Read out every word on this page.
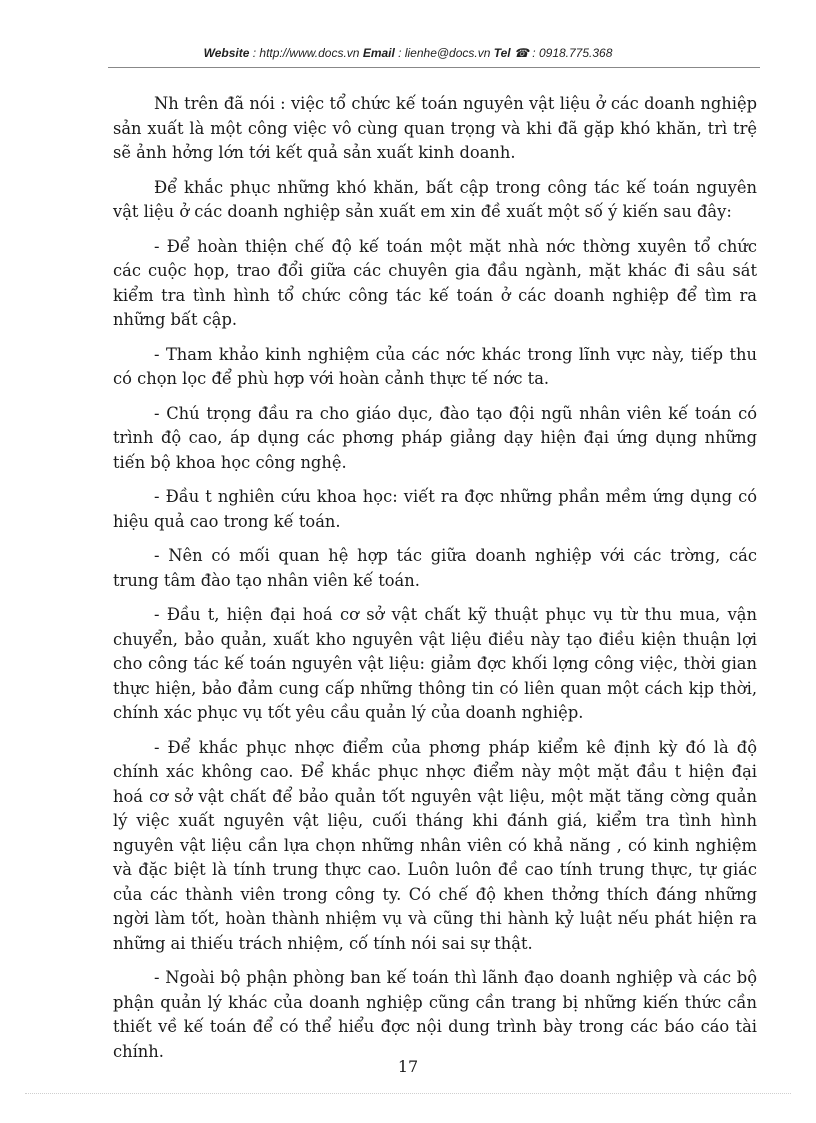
Website : http://www.docs.vn Email : lienhe@docs.vn Tel ☎ : 0918.775.368

Nh trên đã nói : việc tổ chức kế toán nguyên vật liệu ở các doanh nghiệp sản xuất là một công việc vô cùng quan trọng và khi đã gặp khó khăn, trì trệ sẽ ảnh hởng lớn tới kết quả sản xuất kinh doanh.

Để khắc phục những khó khăn, bất cập trong công tác kế toán nguyên vật liệu ở các doanh nghiệp sản xuất em xin đề xuất một số ý kiến sau đây:

- Để hoàn thiện chế độ kế toán một mặt nhà nớc thờng xuyên tổ chức các cuộc họp, trao đổi giữa các chuyên gia đầu ngành, mặt khác đi sâu sát kiểm tra tình hình tổ chức công tác kế toán ở các doanh nghiệp để tìm ra những bất cập.

- Tham khảo kinh nghiệm của các nớc khác trong lĩnh vực này, tiếp thu có chọn lọc để phù hợp với hoàn cảnh thực tế nớc ta.

- Chú trọng đầu ra cho giáo dục, đào tạo đội ngũ nhân viên kế toán có trình độ cao, áp dụng các phơng pháp giảng dạy hiện đại ứng dụng những tiến bộ khoa học công nghệ.

- Đầu t nghiên cứu khoa học: viết ra đợc những phần mềm ứng dụng có hiệu quả cao trong kế toán.

- Nên có mối quan hệ hợp tác giữa doanh nghiệp với các trờng, các trung tâm đào tạo nhân viên kế toán.

- Đầu t, hiện đại hoá cơ sở vật chất kỹ thuật phục vụ từ thu mua, vận chuyển, bảo quản, xuất kho nguyên vật liệu điều này tạo điều kiện thuận lợi cho công tác kế toán nguyên vật liệu: giảm đợc khối lợng công việc, thời gian thực hiện, bảo đảm cung cấp những thông tin có liên quan một cách kịp thời, chính xác phục vụ tốt yêu cầu quản lý của doanh nghiệp.

- Để khắc phục nhợc điểm của phơng pháp kiểm kê định kỳ đó là độ chính xác không cao. Để khắc phục nhợc điểm này một mặt đầu t hiện đại hoá cơ sở vật chất để bảo quản tốt nguyên vật liệu, một mặt tăng cờng quản lý việc xuất nguyên vật liệu, cuối tháng khi đánh giá, kiểm tra tình hình nguyên vật liệu cần lựa chọn những nhân viên có khả năng , có kinh nghiệm và đặc biệt là tính trung thực cao. Luôn luôn đề cao tính trung thực, tự giác của các thành viên trong công ty. Có chế độ khen thởng thích đáng những ngời làm tốt, hoàn thành nhiệm vụ và cũng thi hành kỷ luật nếu phát hiện ra những ai thiếu trách nhiệm, cố tính nói sai sự thật.

- Ngoài bộ phận phòng ban kế toán thì lãnh đạo doanh nghiệp và các bộ phận quản lý khác của doanh nghiệp cũng cần trang bị những kiến thức cần thiết về kế toán để có thể hiểu đợc nội dung trình bày trong các báo cáo tài chính.

17
